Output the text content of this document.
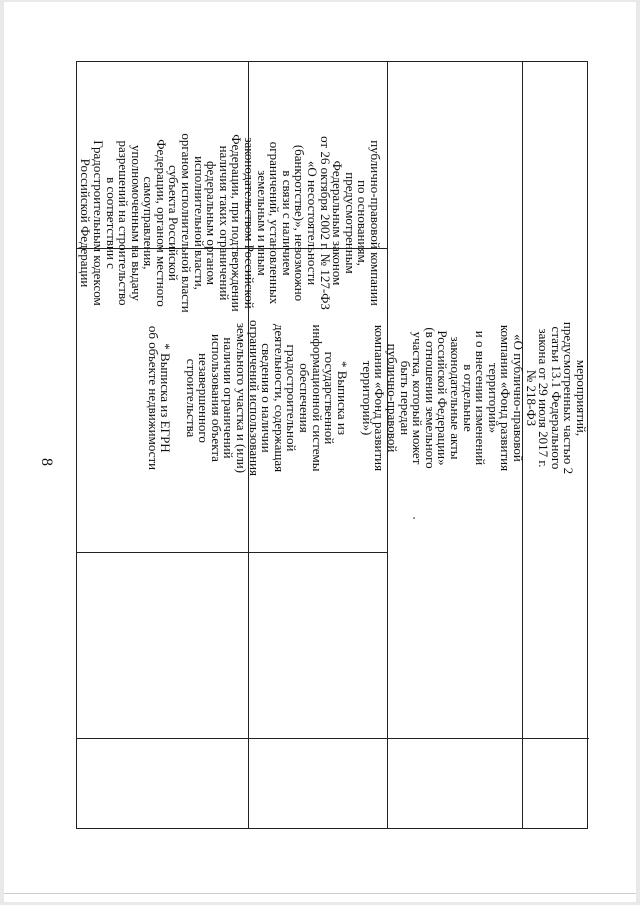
8
публично-правовой компании
по основаниям,
предусмотренным
Федеральным законом
от 26 октября 2002 г. № 127-ФЗ
«О несостоятельности
(банкротстве)», невозможно
в связи с наличием
ограничений, установленных
земельным и иным
законодательством Российской
Федерации, при подтверждении
наличия таких ограничений
федеральным органом
исполнительной власти,
органом исполнительной власти
субъекта Российской
Федерации, органом местного
самоуправления,
уполномоченным на выдачу
разрешений на строительство
в соответствии с
Градостроительным кодексом
Российской Федерации
мероприятий,
предусмотренных частью 2
статьи 13.1 Федерального
закона от 29 июля 2017 г.
№ 218-ФЗ
«О публично-правовой
компании «Фонд развития
территорий»
и о внесении изменений
в отдельные
законодательные акты
Российской Федерации»
(в отношении земельного
участка, который может
быть передан
публично-правовой
компании «Фонд развития
территорий»)

* Выписка из
государственной
информационной системы
обеспечения
градостроительной
деятельности, содержащая
сведения о наличии
ограничений использования
земельного участка и (или)
наличии ограничений
использования объекта
незавершенного
строительства

* Выписка из ЕГРН
об объекте недвижимости
